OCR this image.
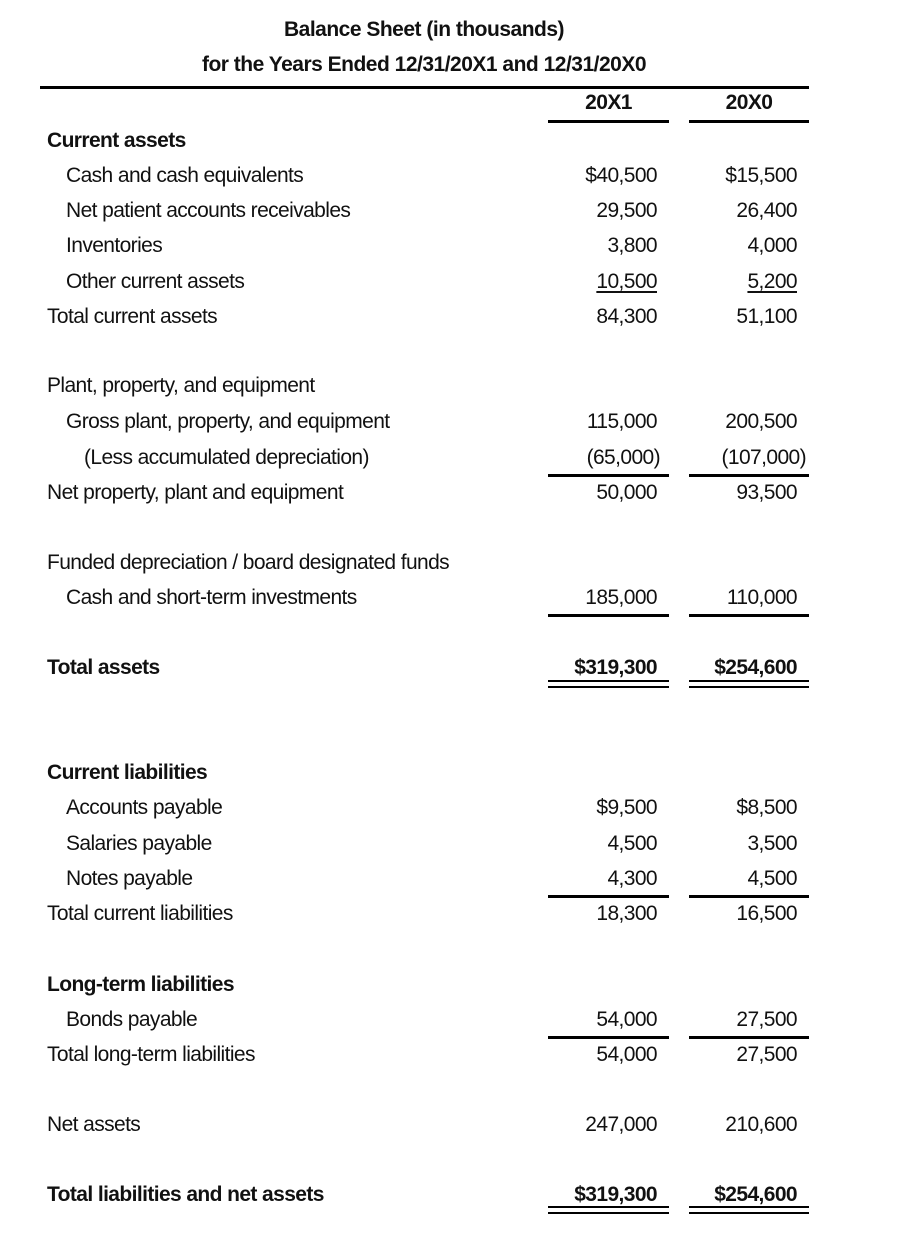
Balance Sheet (in thousands)
for the Years Ended 12/31/20X1 and 12/31/20X0
20X1	20X0
Current assets
Cash and cash equivalents	$40,500	$15,500
Net patient accounts receivables	29,500	26,400
Inventories	3,800	4,000
Other current assets	10,500	5,200
Total current assets	84,300	51,100
Plant, property, and equipment
Gross plant, property, and equipment	115,000	200,500
(Less accumulated depreciation)	(65,000)	(107,000)
Net property, plant and equipment	50,000	93,500
Funded depreciation / board designated funds
Cash and short-term investments	185,000	110,000
Total assets	$319,300	$254,600
Current liabilities
Accounts payable	$9,500	$8,500
Salaries payable	4,500	3,500
Notes payable	4,300	4,500
Total current liabilities	18,300	16,500
Long-term liabilities
Bonds payable	54,000	27,500
Total long-term liabilities	54,000	27,500
Net assets	247,000	210,600
Total liabilities and net assets	$319,300	$254,600
